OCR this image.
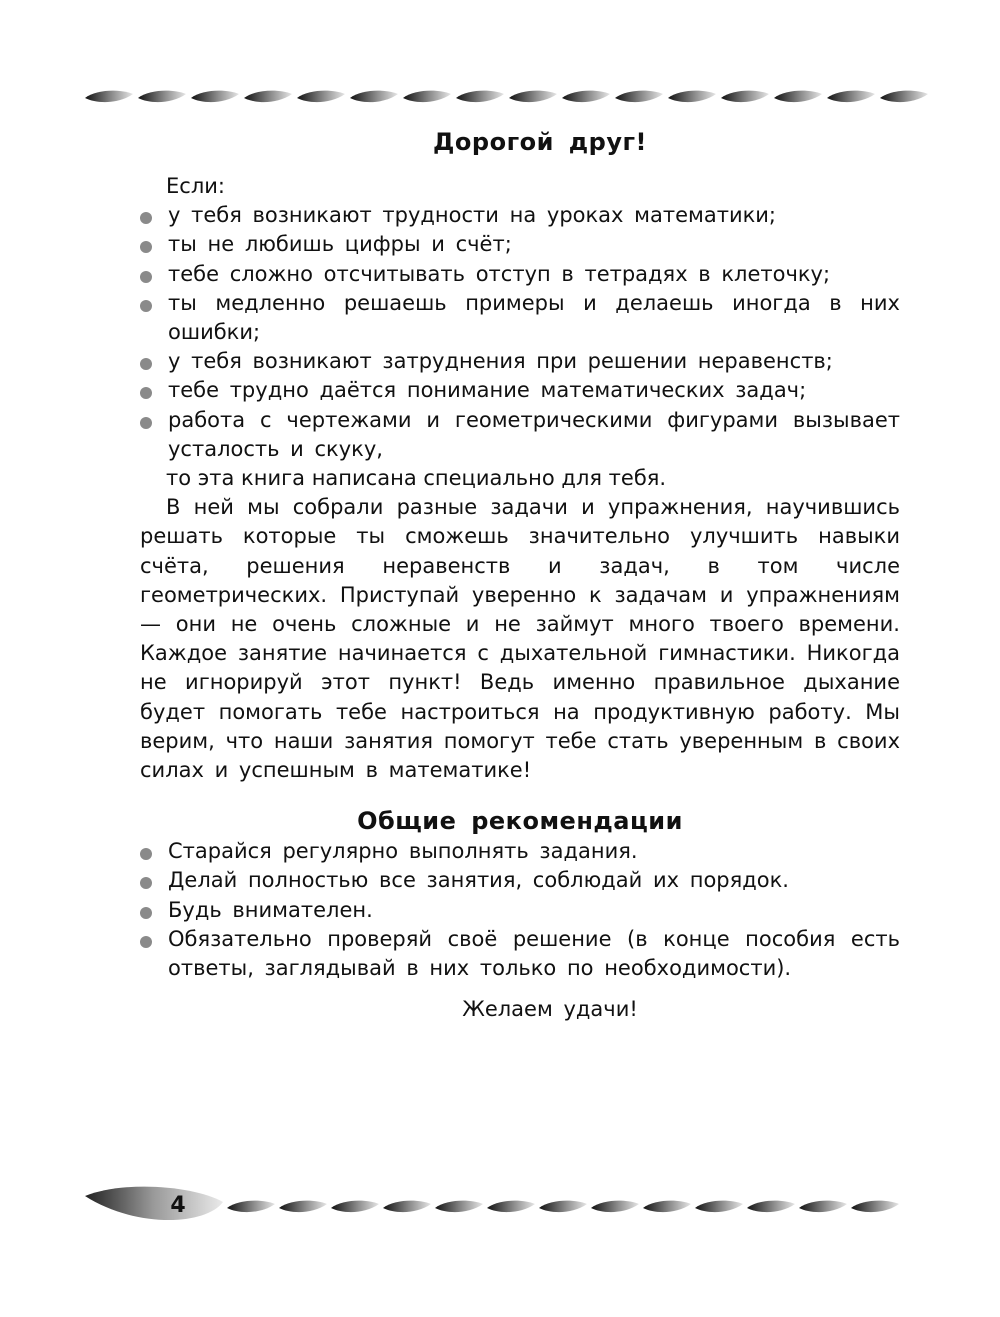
4
Дорогой друг!
Если:
у тебя возникают трудности на уроках математики;
ты не любишь цифры и счёт;
тебе сложно отсчитывать отступ в тетрадях в клеточку;
ты медленно решаешь примеры и делаешь иногда в них ошибки;
у тебя возникают затруднения при решении неравенств;
тебе трудно даётся понимание математических задач;
работа с чертежами и геометрическими фигурами вызывает усталость и скуку,
то эта книга написана специально для тебя.

В ней мы собрали разные задачи и упражнения, научившись решать которые ты сможешь значительно улучшить навыки счёта, решения неравенств и задач, в том числе геометрических. Приступай уверенно к задачам и упражнениям — они не очень сложные и не займут много твоего времени. Каждое занятие начинается с дыхательной гимнастики. Никогда не игнорируй этот пункт! Ведь именно правильное дыхание будет помогать тебе настроиться на продуктивную работу. Мы верим, что наши занятия помогут тебе стать уверенным в своих силах и успешным в математике!

Общие рекомендации
Старайся регулярно выполнять задания.
Делай полностью все занятия, соблюдай их порядок.
Будь внимателен.
Обязательно проверяй своё решение (в конце пособия есть ответы, заглядывай в них только по необходимости).
Желаем удачи!
